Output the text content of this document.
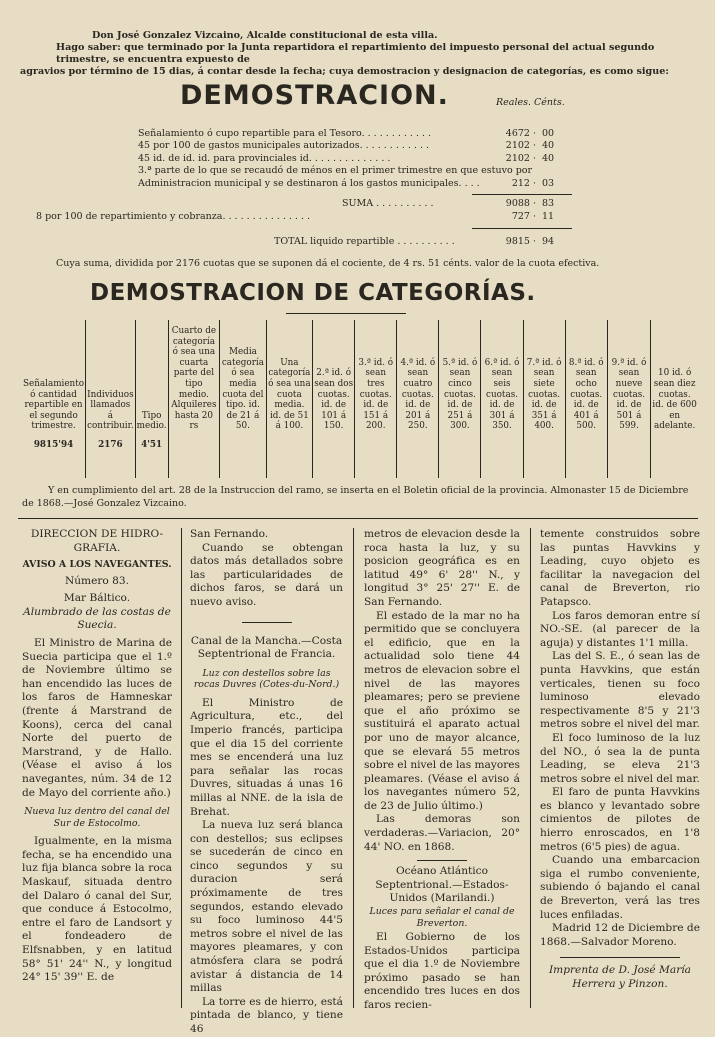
Don José Gonzalez Vizcaino, Alcalde constitucional de esta villa.
Hago saber: que terminado por la Junta repartidora el repartimiento del impuesto personal del actual segundo trimestre, se encuentra expuesto de
agravios por término de 15 dias, á contar desde la fecha; cuya demostracion y designacion de categorías, es como sigue:
DEMOSTRACION.	Reales. Cénts.
Señalamiento ó cupo repartible para el Tesoro. . . . . . . . . . . .	4672 · 00
45 por 100 de gastos municipales autorizados. . . . . . . . . . . .	2102 · 40
45 id. de id. id. para provinciales id. . . . . . . . . . . . . .	2102 · 40
3.ª parte de lo que se recaudó de ménos en el primer trimestre en que estuvo por
Administracion municipal y se destinaron á los gastos municipales. . . .	212 · 03
SUMA . . . . . . . . . .	9088 · 83
8 por 100 de repartimiento y cobranza. . . . . . . . . . . . . . .	727 · 11
TOTAL liquido repartible . . . . . . . . . .	9815 · 94
Cuya suma, dividida por 2176 cuotas que se suponen dá el cociente, de 4 rs. 51 cénts. valor de la cuota efectiva.
DEMOSTRACION DE CATEGORÍAS.
Señalamiento ó cantidad repartible en el segundo trimestre.	Individuos llamados á contribuir.	Tipo medio.	Cuarto de categoría ó sea una cuarta parte del tipo medio. Alquileres hasta 20 rs	Media categoría ó sea media cuota del tipo. id. de 21 á 50.	Una categoría ó sea una cuota media. id. de 51 á 100.	2.ª id. ó sean dos cuotas. id. de 101 á 150.	3.ª id. ó sean tres cuotas. id. de 151 á 200.	4.ª id. ó sean cuatro cuotas. id. de 201 á 250.	5.ª id. ó sean cinco cuotas. id. de 251 á 300.	6.ª id. ó sean seis cuotas. id. de 301 á 350.	7.ª id. ó sean siete cuotas. id. de 351 á 400.	8.ª id. ó sean ocho cuotas. id. de 401 á 500.	9.ª id. ó sean nueve cuotas. id. de 501 á 599.	10 id. ó sean diez cuotas. id. de 600 en adelante.
9815'94	2176	4'51												
Y en cumplimiento del art. 28 de la Instruccion del ramo, se inserta en el Boletin oficial de la provincia. Almonaster 15 de Diciembre de 1868.—José Gonzalez Vizcaino.

DIRECCION DE HIDRO-GRAFIA.

AVISO A LOS NAVEGANTES.

Número 83.

Mar Báltico.

Alumbrado de las costas de Suecia.

El Ministro de Marina de Suecia participa que el 1.º de Noviembre último se han encendido las luces de los faros de Hamneskar (frente á Marstrand de Koons), cerca del canal Norte del puerto de Marstrand, y de Hallo. (Véase el aviso á los navegantes, núm. 34 de 12 de Mayo del corriente año.)

Nueva luz dentro del canal del Sur de Estocolmo.

Igualmente, en la misma fecha, se ha encendido una luz fija blanca sobre la roca Maskauf, situada dentro del Dalaro ó canal del Sur, que conduce á Estocolmo, entre el faro de Landsort y el fondeadero de Elfsnabben, y en latitud 58° 51' 24'' N., y longitud 24° 15' 39'' E. de

San Fernando.

Cuando se obtengan datos más detallados sobre las particularidades de dichos faros, se dará un nuevo aviso.

Canal de la Mancha.—Costa Septentrional de Francia.

Luz con destellos sobre las rocas Duvres (Cotes-du-Nord.)

El Ministro de Agricultura, etc., del Imperio francés, participa que el dia 15 del corriente mes se encenderá una luz para señalar las rocas Duvres, situadas á unas 16 millas al NNE. de la isla de Brehat.

La nueva luz será blanca con destellos; sus eclipses se sucederán de cinco en cinco segundos y su duracion será próximamente de tres segundos, estando elevado su foco luminoso 44'5 metros sobre el nivel de las mayores pleamares, y con atmósfera clara se podrá avistar á distancia de 14 millas

La torre es de hierro, está pintada de blanco, y tiene 46

metros de elevacion desde la roca hasta la luz, y su posicion geográfica es en latitud 49° 6' 28'' N., y longitud 3° 25' 27'' E. de San Fernando.

El estado de la mar no ha permitido que se concluyera el edificio, que en la actualidad solo tiene 44 metros de elevacion sobre el nivel de las mayores pleamares; pero se previene que el año próximo se sustituirá el aparato actual por uno de mayor alcance, que se elevará 55 metros sobre el nivel de las mayores pleamares. (Véase el aviso á los navegantes número 52, de 23 de Julio último.)

Las demoras son verdaderas.—Variacion, 20° 44' NO. en 1868.

Océano Atlántico Septentrional.—Estados-Unidos (Marilandi.)

Luces para señalar el canal de Breverton.

El Gobierno de los Estados-Unidos participa que el dia 1.º de Noviembre próximo pasado se han encendido tres luces en dos faros recien-

temente construidos sobre las puntas Havvkins y Leading, cuyo objeto es facilitar la navegacion del canal de Breverton, rio Patapsco.

Los faros demoran entre sí NO.-SE. (al parecer de la aguja) y distantes 1'1 milla.

Las del S. E., ó sean las de punta Havvkins, que están verticales, tienen su foco luminoso elevado respectivamente 8'5 y 21'3 metros sobre el nivel del mar.

El foco luminoso de la luz del NO., ó sea la de punta Leading, se eleva 21'3 metros sobre el nivel del mar.

El faro de punta Havvkins es blanco y levantado sobre cimientos de pilotes de hierro enroscados, en 1'8 metros (6'5 pies) de agua.

Cuando una embarcacion siga el rumbo conveniente, subiendo ó bajando el canal de Breverton, verá las tres luces enfiladas.

Madrid 12 de Diciembre de 1868.—Salvador Moreno.

Imprenta de D. José María Herrera y Pinzon.
